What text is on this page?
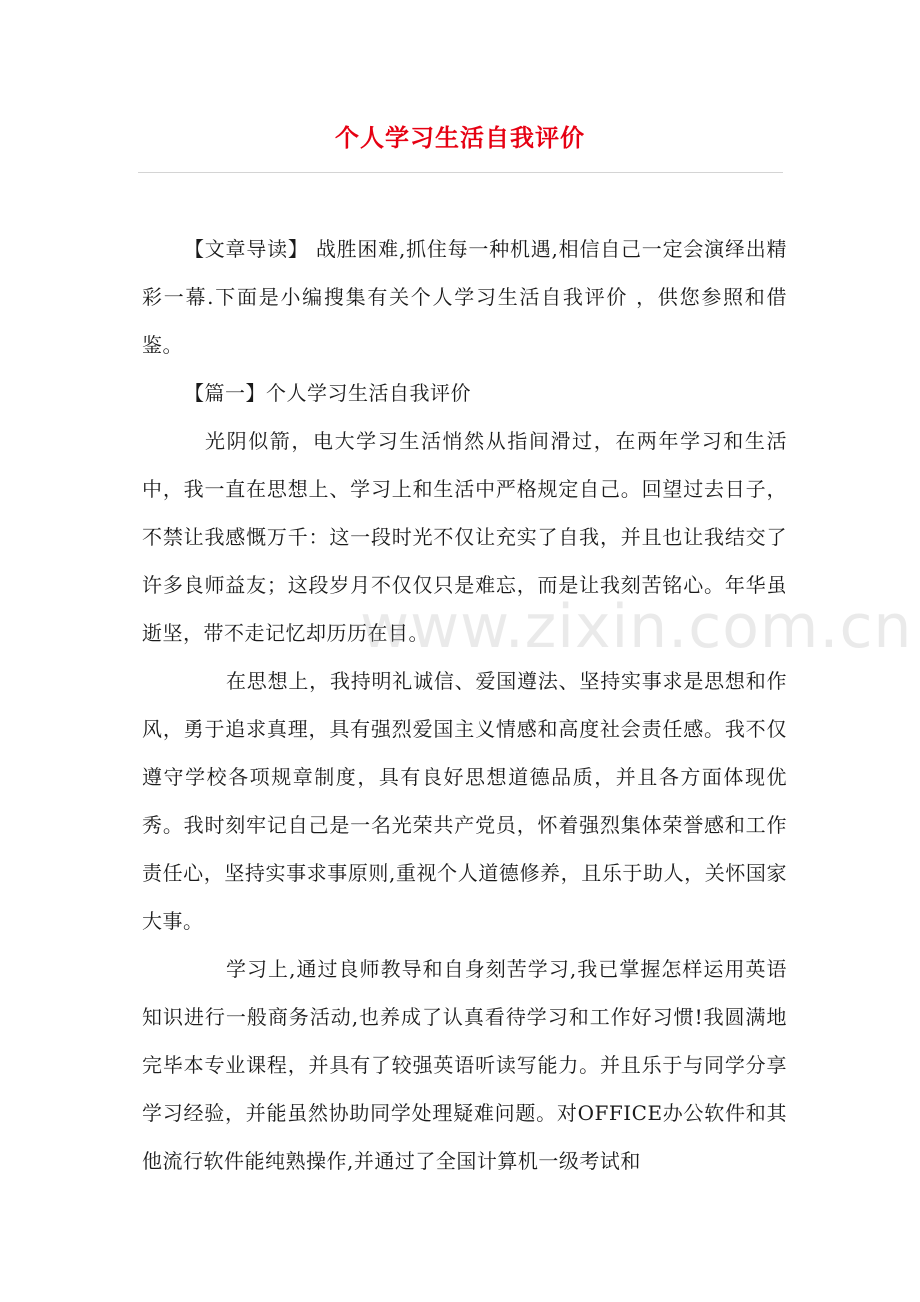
个人学习生活自我评价

【文章导读】 战胜困难,抓住每一种机遇,相信自己一定会演绎出精彩一幕.下面是小编搜集有关个人学习生活自我评价 ，供您参照和借鉴。

【篇一】个人学习生活自我评价

光阴似箭，电大学习生活悄然从指间滑过，在两年学习和生活中，我一直在思想上、学习上和生活中严格规定自己。回望过去日子，不禁让我感慨万千：这一段时光不仅让充实了自我，并且也让我结交了许多良师益友；这段岁月不仅仅只是难忘，而是让我刻苦铭心。年华虽逝坚，带不走记忆却历历在目。

在思想上，我持明礼诚信、爱国遵法、坚持实事求是思想和作风，勇于追求真理，具有强烈爱国主义情感和高度社会责任感。我不仅遵守学校各项规章制度，具有良好思想道德品质，并且各方面体现优秀。我时刻牢记自己是一名光荣共产党员，怀着强烈集体荣誉感和工作责任心，坚持实事求事原则,重视个人道德修养，且乐于助人，关怀国家大事。

学习上,通过良师教导和自身刻苦学习,我已掌握怎样运用英语知识进行一般商务活动,也养成了认真看待学习和工作好习惯!我圆满地完毕本专业课程，并具有了较强英语听读写能力。并且乐于与同学分享学习经验，并能虽然协助同学处理疑难问题。对OFFICE办公软件和其他流行软件能纯熟操作,并通过了全国计算机一级考试和

www.zixin.com.cn
